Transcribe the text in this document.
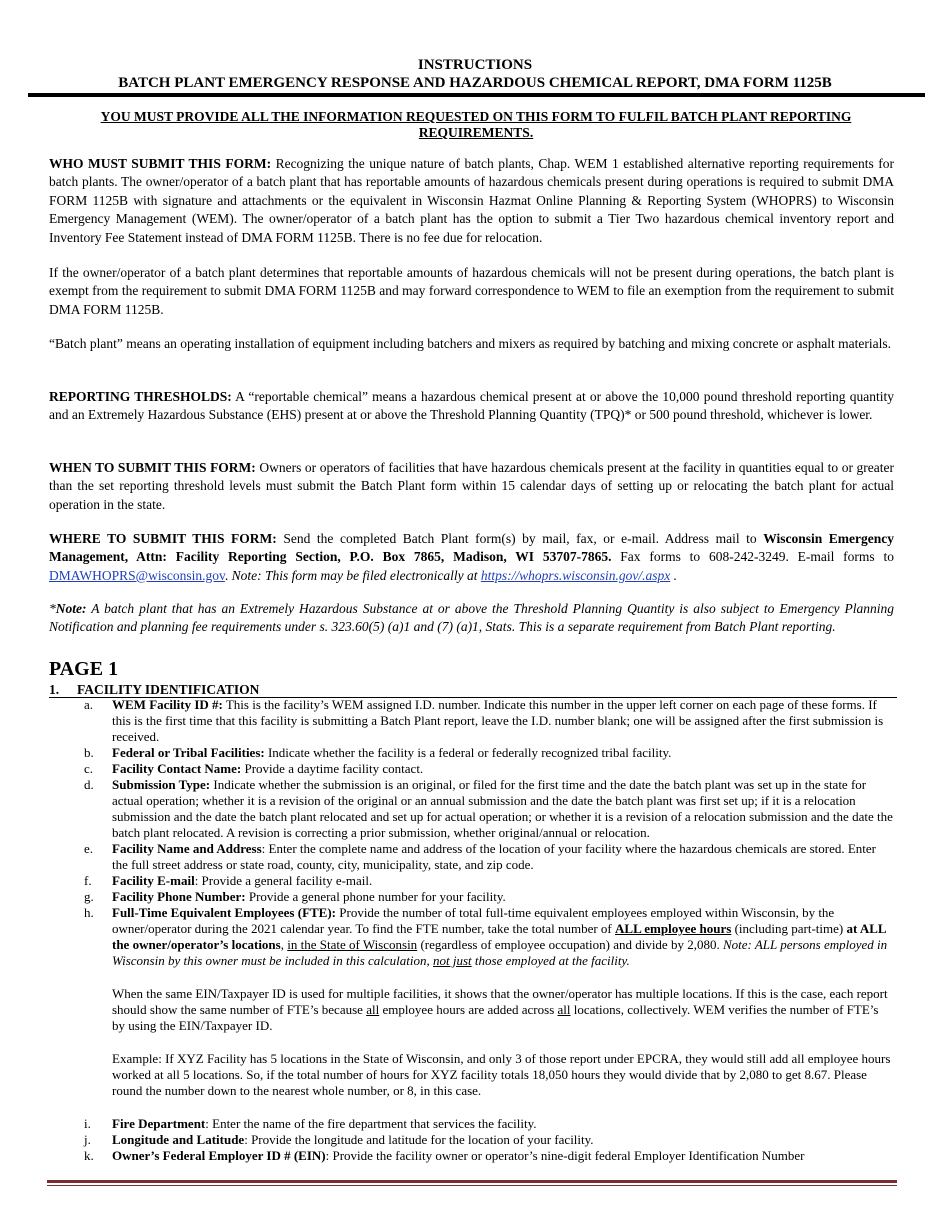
INSTRUCTIONS
BATCH PLANT EMERGENCY RESPONSE AND HAZARDOUS CHEMICAL REPORT, DMA FORM 1125B
YOU MUST PROVIDE ALL THE INFORMATION REQUESTED ON THIS FORM TO FULFIL BATCH PLANT REPORTING REQUIREMENTS.
WHO MUST SUBMIT THIS FORM: Recognizing the unique nature of batch plants, Chap. WEM 1 established alternative reporting requirements for batch plants. The owner/operator of a batch plant that has reportable amounts of hazardous chemicals present during operations is required to submit DMA FORM 1125B with signature and attachments or the equivalent in Wisconsin Hazmat Online Planning & Reporting System (WHOPRS) to Wisconsin Emergency Management (WEM). The owner/operator of a batch plant has the option to submit a Tier Two hazardous chemical inventory report and Inventory Fee Statement instead of DMA FORM 1125B. There is no fee due for relocation.
If the owner/operator of a batch plant determines that reportable amounts of hazardous chemicals will not be present during operations, the batch plant is exempt from the requirement to submit DMA FORM 1125B and may forward correspondence to WEM to file an exemption from the requirement to submit DMA FORM 1125B.
“Batch plant” means an operating installation of equipment including batchers and mixers as required by batching and mixing concrete or asphalt materials.
REPORTING THRESHOLDS: A “reportable chemical” means a hazardous chemical present at or above the 10,000 pound threshold reporting quantity and an Extremely Hazardous Substance (EHS) present at or above the Threshold Planning Quantity (TPQ)* or 500 pound threshold, whichever is lower.
WHEN TO SUBMIT THIS FORM: Owners or operators of facilities that have hazardous chemicals present at the facility in quantities equal to or greater than the set reporting threshold levels must submit the Batch Plant form within 15 calendar days of setting up or relocating the batch plant for actual operation in the state.
WHERE TO SUBMIT THIS FORM: Send the completed Batch Plant form(s) by mail, fax, or e-mail. Address mail to Wisconsin Emergency Management, Attn: Facility Reporting Section, P.O. Box 7865, Madison, WI 53707-7865. Fax forms to 608-242-3249. E-mail forms to DMAWHOPRS@wisconsin.gov. Note: This form may be filed electronically at https://whoprs.wisconsin.gov/.aspx .
*Note: A batch plant that has an Extremely Hazardous Substance at or above the Threshold Planning Quantity is also subject to Emergency Planning Notification and planning fee requirements under s. 323.60(5) (a)1 and (7) (a)1, Stats. This is a separate requirement from Batch Plant reporting.
PAGE 1
1. FACILITY IDENTIFICATION
a. WEM Facility ID #: This is the facility’s WEM assigned I.D. number. Indicate this number in the upper left corner on each page of these forms. If this is the first time that this facility is submitting a Batch Plant report, leave the I.D. number blank; one will be assigned after the first submission is received.
b. Federal or Tribal Facilities: Indicate whether the facility is a federal or federally recognized tribal facility.
c. Facility Contact Name: Provide a daytime facility contact.
d. Submission Type: Indicate whether the submission is an original, or filed for the first time and the date the batch plant was set up in the state for actual operation; whether it is a revision of the original or an annual submission and the date the batch plant was first set up; if it is a relocation submission and the date the batch plant relocated and set up for actual operation; or whether it is a revision of a relocation submission and the date the batch plant relocated. A revision is correcting a prior submission, whether original/annual or relocation.
e. Facility Name and Address: Enter the complete name and address of the location of your facility where the hazardous chemicals are stored. Enter the full street address or state road, county, city, municipality, state, and zip code.
f. Facility E-mail: Provide a general facility e-mail.
g. Facility Phone Number: Provide a general phone number for your facility.
h. Full-Time Equivalent Employees (FTE): Provide the number of total full-time equivalent employees employed within Wisconsin, by the owner/operator during the 2021 calendar year. To find the FTE number, take the total number of ALL employee hours (including part-time) at ALL the owner/operator’s locations, in the State of Wisconsin (regardless of employee occupation) and divide by 2,080. Note: ALL persons employed in Wisconsin by this owner must be included in this calculation, not just those employed at the facility.
When the same EIN/Taxpayer ID is used for multiple facilities, it shows that the owner/operator has multiple locations. If this is the case, each report should show the same number of FTE’s because all employee hours are added across all locations, collectively. WEM verifies the number of FTE’s by using the EIN/Taxpayer ID.
Example: If XYZ Facility has 5 locations in the State of Wisconsin, and only 3 of those report under EPCRA, they would still add all employee hours worked at all 5 locations. So, if the total number of hours for XYZ facility totals 18,050 hours they would divide that by 2,080 to get 8.67. Please round the number down to the nearest whole number, or 8, in this case.
i. Fire Department: Enter the name of the fire department that services the facility.
j. Longitude and Latitude: Provide the longitude and latitude for the location of your facility.
k. Owner’s Federal Employer ID # (EIN): Provide the facility owner or operator’s nine-digit federal Employer Identification Number
